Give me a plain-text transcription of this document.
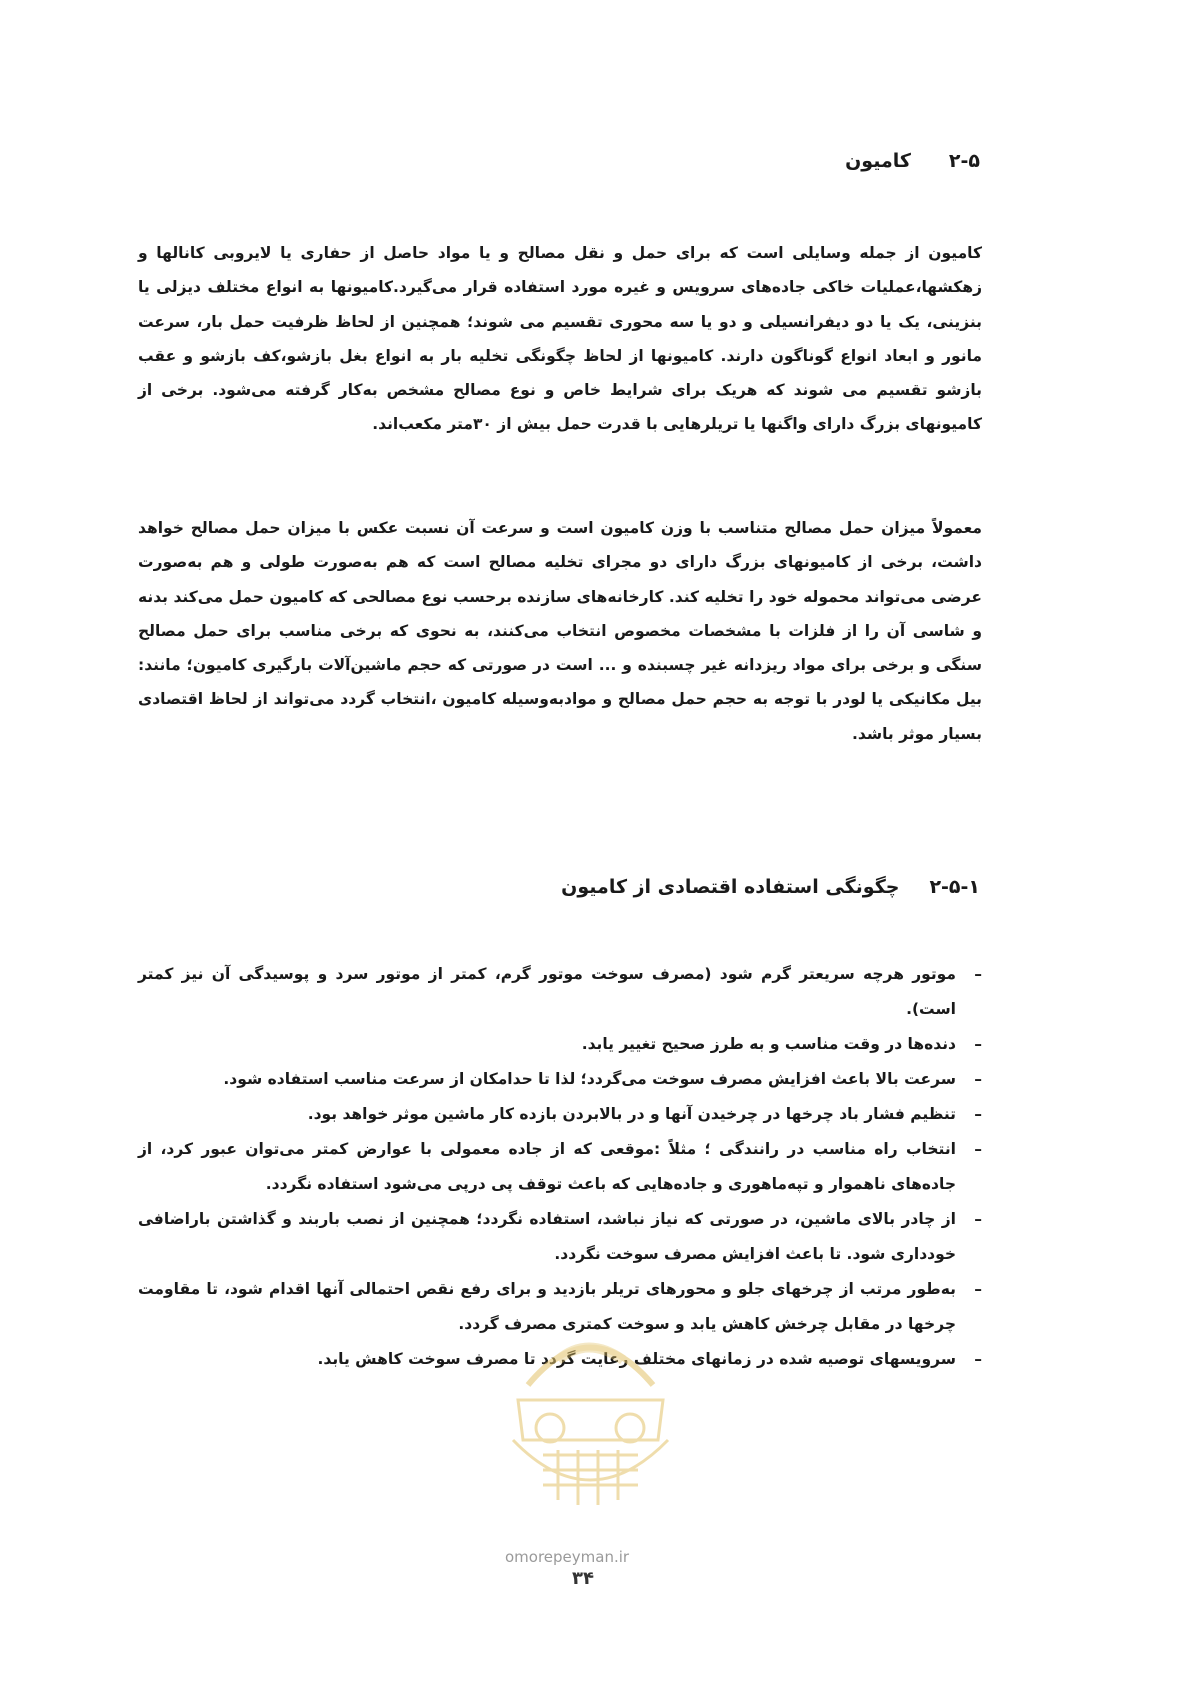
۲-۵کامیون

کامیون از جمله وسایلی است که برای حمل و نقل مصالح و یا مواد حاصل از حفاری یا لایروبی کانالها و زهکشها،عملیات خاکی جاده‌های سرویس و غیره مورد استفاده قرار می‌گیرد.کامیونها به انواع مختلف دیزلی یا بنزینی، یک یا دو دیفرانسیلی و دو یا سه محوری تقسیم می شوند؛ همچنین از لحاظ ظرفیت حمل بار، سرعت مانور و ابعاد انواع گوناگون دارند. کامیونها از لحاظ چگونگی تخلیه بار به انواع بغل بازشو،کف بازشو و عقب بازشو تقسیم می شوند که هریک برای شرایط خاص و نوع مصالح مشخص به‌کار گرفته می‌شود. برخی از کامیونهای بزرگ دارای واگنها یا تریلرهایی با قدرت حمل بیش از ۳۰متر مکعب‌اند.

معمولاً میزان حمل مصالح متناسب با وزن کامیون است و سرعت آن نسبت عکس با میزان حمل مصالح خواهد داشت، برخی از کامیونهای بزرگ دارای دو مجرای تخلیه مصالح است که هم به‌صورت طولی و هم به‌صورت عرضی می‌تواند محموله خود را تخلیه کند. کارخانه‌های سازنده برحسب نوع مصالحی که کامیون حمل می‌کند بدنه و شاسی آن را از فلزات با مشخصات مخصوص انتخاب می‌کنند، به نحوی که برخی مناسب برای حمل مصالح سنگی و برخی برای مواد ریزدانه غیر چسبنده و ... است در صورتی که حجم ماشین‌آلات بارگیری کامیون؛ مانند: بیل مکانیکی یا لودر با توجه به حجم حمل مصالح و موادبه‌وسیله کامیون ،انتخاب گردد می‌تواند از لحاظ اقتصادی بسیار موثر باشد.

۲-۵-۱چگونگی استفاده اقتصادی از کامیون
–
موتور هرچه سریعتر گرم شود (مصرف سوخت موتور گرم، کمتر از موتور سرد و پوسیدگی آن نیز کمتر است).
–
دنده‌ها در وقت مناسب و به طرز صحیح تغییر یابد.
–
سرعت بالا باعث افزایش مصرف سوخت می‌گردد؛ لذا تا حدامکان از سرعت مناسب استفاده شود.
–
تنظیم فشار باد چرخها در چرخیدن آنها و در بالابردن بازده کار ماشین موثر خواهد بود.
–
انتخاب راه مناسب در رانندگی ؛ مثلاً :موقعی که از جاده معمولی با عوارض کمتر می‌توان عبور کرد، از جاده‌های ناهموار و تپه‌ماهوری و جاده‌هایی که باعث توقف پی درپی می‌شود استفاده نگردد.
–
از چادر بالای ماشین، در صورتی که نیاز نباشد، استفاده نگردد؛ همچنین از نصب باربند و گذاشتن باراضافی خودداری شود. تا باعث افزایش مصرف سوخت نگردد.
–
به‌طور مرتب از چرخهای جلو و محورهای تریلر بازدید و برای رفع نقص احتمالی آنها اقدام شود، تا مقاومت چرخها در مقابل چرخش کاهش یابد و سوخت کمتری مصرف گردد.
–
سرویسهای توصیه شده در زمانهای مختلف رعایت گردد تا مصرف سوخت کاهش یابد.
omorepeyman.ir
۳۴
